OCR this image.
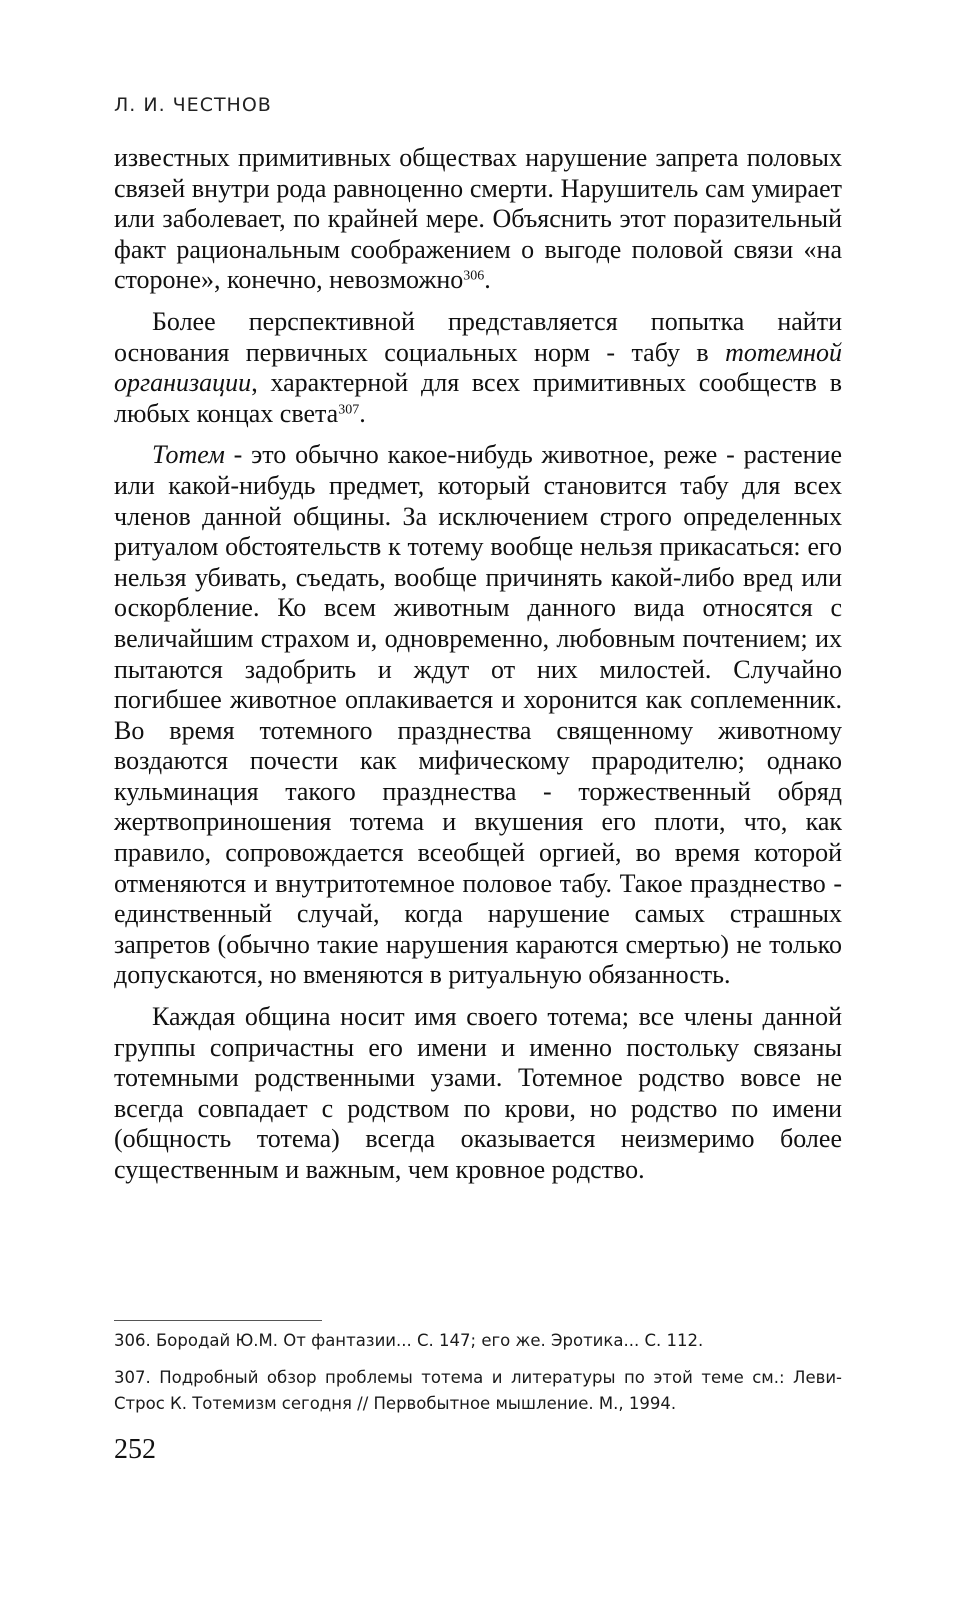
Л. И. ЧЕСТНОВ

известных примитивных обществах нарушение запрета половых связей внутри рода равноценно смерти. Нарушитель сам умирает или заболевает, по крайней мере. Объяснить этот поразительный факт рациональным соображением о выгоде половой связи «на стороне», конечно, невозможно$^{306}$.

Более перспективной представляется попытка найти основания первичных социальных норм - табу в тотемной организации, характерной для всех примитивных сообществ в любых концах света$^{307}$.

Тотем - это обычно какое-нибудь животное, реже - растение или какой-нибудь предмет, который становится табу для всех членов данной общины. За исключением строго определенных ритуалом обстоятельств к тотему вообще нельзя прикасаться: его нельзя убивать, съедать, вообще причинять какой-либо вред или оскорбление. Ко всем животным данного вида относятся с величайшим страхом и, одновременно, любовным почтением; их пытаются задобрить и ждут от них милостей. Случайно погибшее животное оплакивается и хоронится как соплеменник. Во время тотемного празднества священному животному воздаются почести как мифическому прародителю; однако кульминация такого празднества - торжественный обряд жертвоприношения тотема и вкушения его плоти, что, как правило, сопровождается всеобщей оргией, во время которой отменяются и внутритотемное половое табу. Такое празднество - единственный случай, когда нарушение самых страшных запретов (обычно такие нарушения караются смертью) не только допускаются, но вменяются в ритуальную обязанность.

Каждая община носит имя своего тотема; все члены данной группы сопричастны его имени и именно постольку связаны тотемными родственными узами. Тотемное родство вовсе не всегда совпадает с родством по крови, но родство по имени (общность тотема) всегда оказывается неизмеримо более существенным и важным, чем кровное родство.

306. Бородай Ю.М. От фантазии... С. 147; его же. Эротика... С. 112.

307. Подробный обзор проблемы тотема и литературы по этой теме см.: Леви-Строс К. Тотемизм сегодня // Первобытное мышление. М., 1994.

252
